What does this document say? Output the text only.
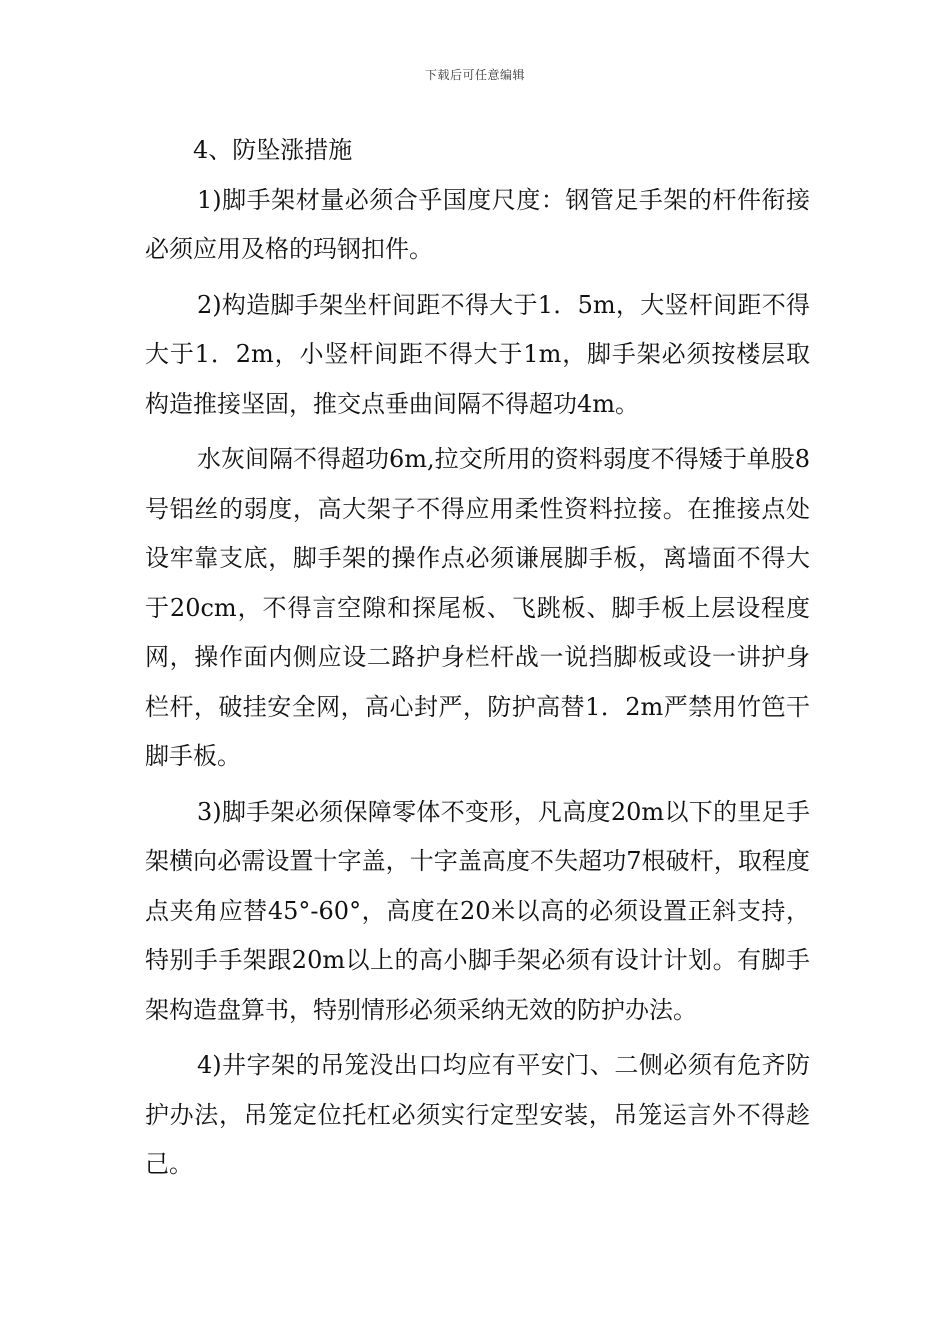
下载后可任意编辑

4、防坠涨措施

1)脚手架材量必须合乎国度尺度：钢管足手架的杆件衔接必须应用及格的玛钢扣件。

2)构造脚手架坐杆间距不得大于1．5m，大竖杆间距不得大于1．2m，小竖杆间距不得大于1m，脚手架必须按楼层取构造推接坚固，推交点垂曲间隔不得超功4m。

水灰间隔不得超功6m,拉交所用的资料弱度不得矮于单股8号铝丝的弱度，高大架子不得应用柔性资料拉接。在推接点处设牢靠支底，脚手架的操作点必须谦展脚手板，离墙面不得大于20cm，不得言空隙和探尾板、飞跳板、脚手板上层设程度网，操作面内侧应设二路护身栏杆战一说挡脚板或设一讲护身栏杆，破挂安全网，高心封严，防护高替1．2m严禁用竹笆干脚手板。

3)脚手架必须保障零体不变形，凡高度20m以下的里足手架横向必需设置十字盖，十字盖高度不失超功7根破杆，取程度点夹角应替45°-60°，高度在20米以高的必须设置正斜支持，特别手手架跟20m以上的高小脚手架必须有设计计划。有脚手架构造盘算书，特别情形必须采纳无效的防护办法。

4)井字架的吊笼没出口均应有平安门、二侧必须有危齐防护办法，吊笼定位托杠必须实行定型安装，吊笼运言外不得趁己。
